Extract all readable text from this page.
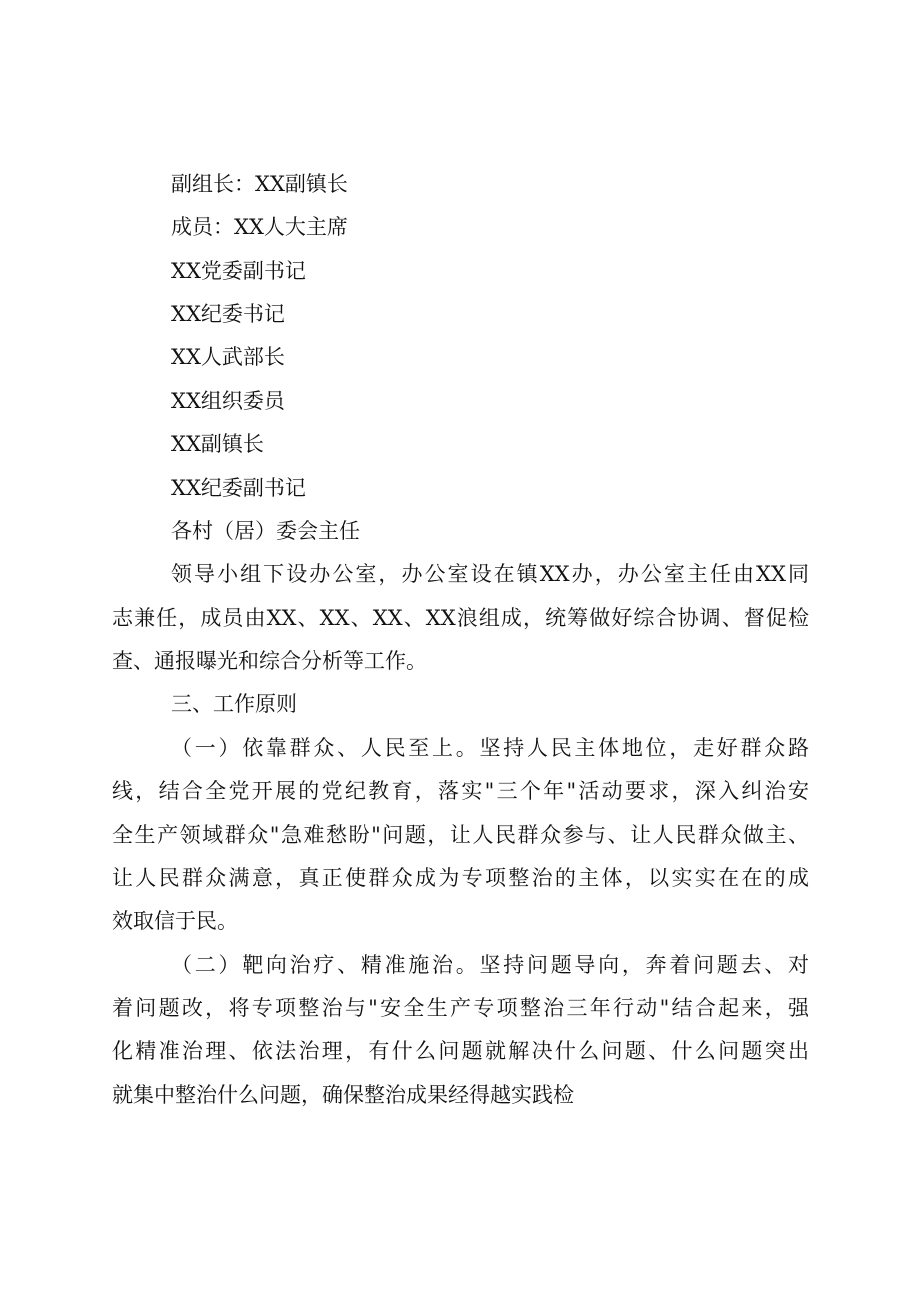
副组长：XX副镇长
成员：XX人大主席
XX党委副书记
XX纪委书记
XX人武部长
XX组织委员
XX副镇长
XX纪委副书记
各村（居）委会主任
领导小组下设办公室，办公室设在镇XX办，办公室主任由XX同
志兼任，成员由XX、XX、XX、XX浪组成，统筹做好综合协调、督促检
查、通报曝光和综合分析等工作。
三、工作原则
（一）依靠群众、人民至上。坚持人民主体地位，走好群众路
线，结合全党开展的党纪教育，落实"三个年"活动要求，深入纠治安
全生产领域群众"急难愁盼"问题，让人民群众参与、让人民群众做主、
让人民群众满意，真正使群众成为专项整治的主体，以实实在在的成
效取信于民。
（二）靶向治疗、精准施治。坚持问题导向，奔着问题去、对
着问题改，将专项整治与"安全生产专项整治三年行动"结合起来，强
化精准治理、依法治理，有什么问题就解决什么问题、什么问题突出
就集中整治什么问题，确保整治成果经得越实践检
